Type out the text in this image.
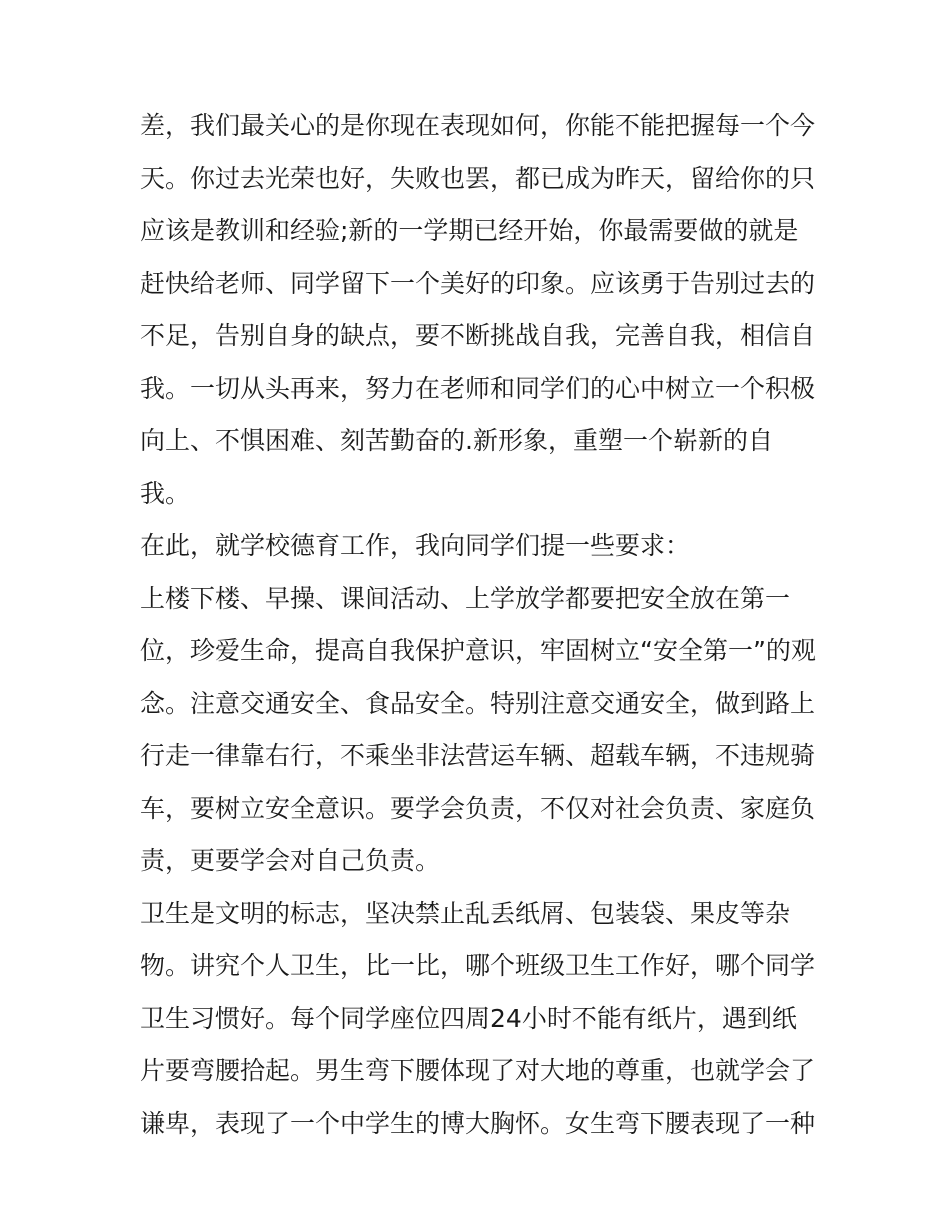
差，我们最关心的是你现在表现如何，你能不能把握每一个今
天。你过去光荣也好，失败也罢，都已成为昨天，留给你的只
应该是教训和经验;新的一学期已经开始，你最需要做的就是
赶快给老师、同学留下一个美好的印象。应该勇于告别过去的
不足，告别自身的缺点，要不断挑战自我，完善自我，相信自
我。一切从头再来，努力在老师和同学们的心中树立一个积极
向上、不惧困难、刻苦勤奋的.新形象，重塑一个崭新的自
我。
在此，就学校德育工作，我向同学们提一些要求：
上楼下楼、早操、课间活动、上学放学都要把安全放在第一
位，珍爱生命，提高自我保护意识，牢固树立“安全第一”的观
念。注意交通安全、食品安全。特别注意交通安全，做到路上
行走一律靠右行，不乘坐非法营运车辆、超载车辆，不违规骑
车，要树立安全意识。要学会负责，不仅对社会负责、家庭负
责，更要学会对自己负责。
卫生是文明的标志，坚决禁止乱丢纸屑、包装袋、果皮等杂
物。讲究个人卫生，比一比，哪个班级卫生工作好，哪个同学
卫生习惯好。每个同学座位四周24小时不能有纸片，遇到纸
片要弯腰拾起。男生弯下腰体现了对大地的尊重，也就学会了
谦卑，表现了一个中学生的博大胸怀。女生弯下腰表现了一种
